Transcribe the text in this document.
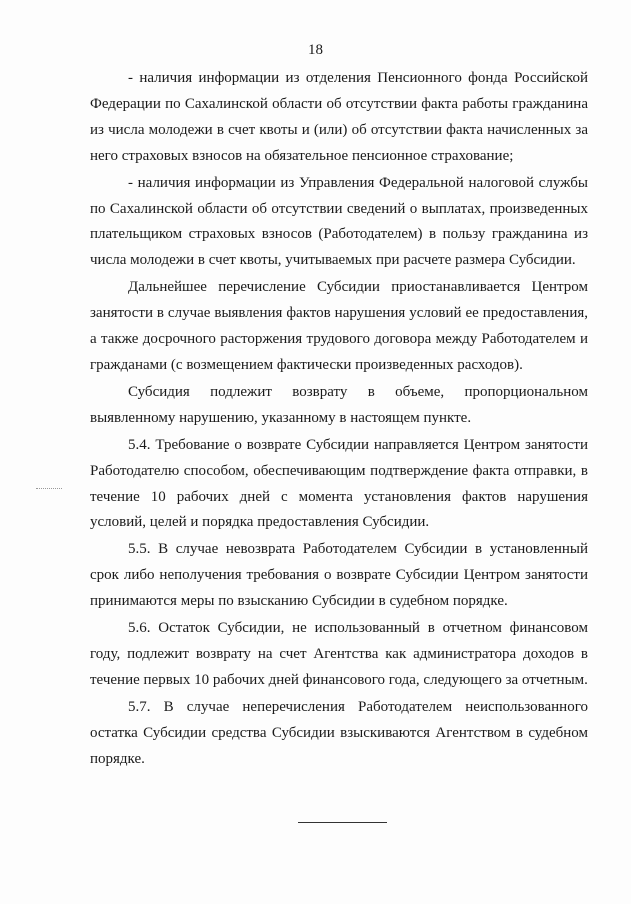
18

- наличия информации из отделения Пенсионного фонда Российской Федерации по Сахалинской области об отсутствии факта работы гражданина из числа молодежи в счет квоты и (или) об отсутствии факта начисленных за него страховых взносов на обязательное пенсионное страхование;

- наличия информации из Управления Федеральной налоговой службы по Сахалинской области об отсутствии сведений о выплатах, произведенных плательщиком страховых взносов (Работодателем) в пользу гражданина из числа молодежи в счет квоты, учитываемых при расчете размера Субсидии.

Дальнейшее перечисление Субсидии приостанавливается Центром занятости в случае выявления фактов нарушения условий ее предоставления, а также досрочного расторжения трудового договора между Работодателем и гражданами (с возмещением фактически произведенных расходов).

Субсидия подлежит возврату в объеме, пропорциональном выявленному нарушению, указанному в настоящем пункте.

5.4. Требование о возврате Субсидии направляется Центром занятости Работодателю способом, обеспечивающим подтверждение факта отправки, в течение 10 рабочих дней с момента установления фактов нарушения условий, целей и порядка предоставления Субсидии.

5.5. В случае невозврата Работодателем Субсидии в установленный срок либо неполучения требования о возврате Субсидии Центром занятости принимаются меры по взысканию Субсидии в судебном порядке.

5.6. Остаток Субсидии, не использованный в отчетном финансовом году, подлежит возврату на счет Агентства как администратора доходов в течение первых 10 рабочих дней финансового года, следующего за отчетным.

5.7. В случае неперечисления Работодателем неиспользованного остатка Субсидии средства Субсидии взыскиваются Агентством в судебном порядке.
